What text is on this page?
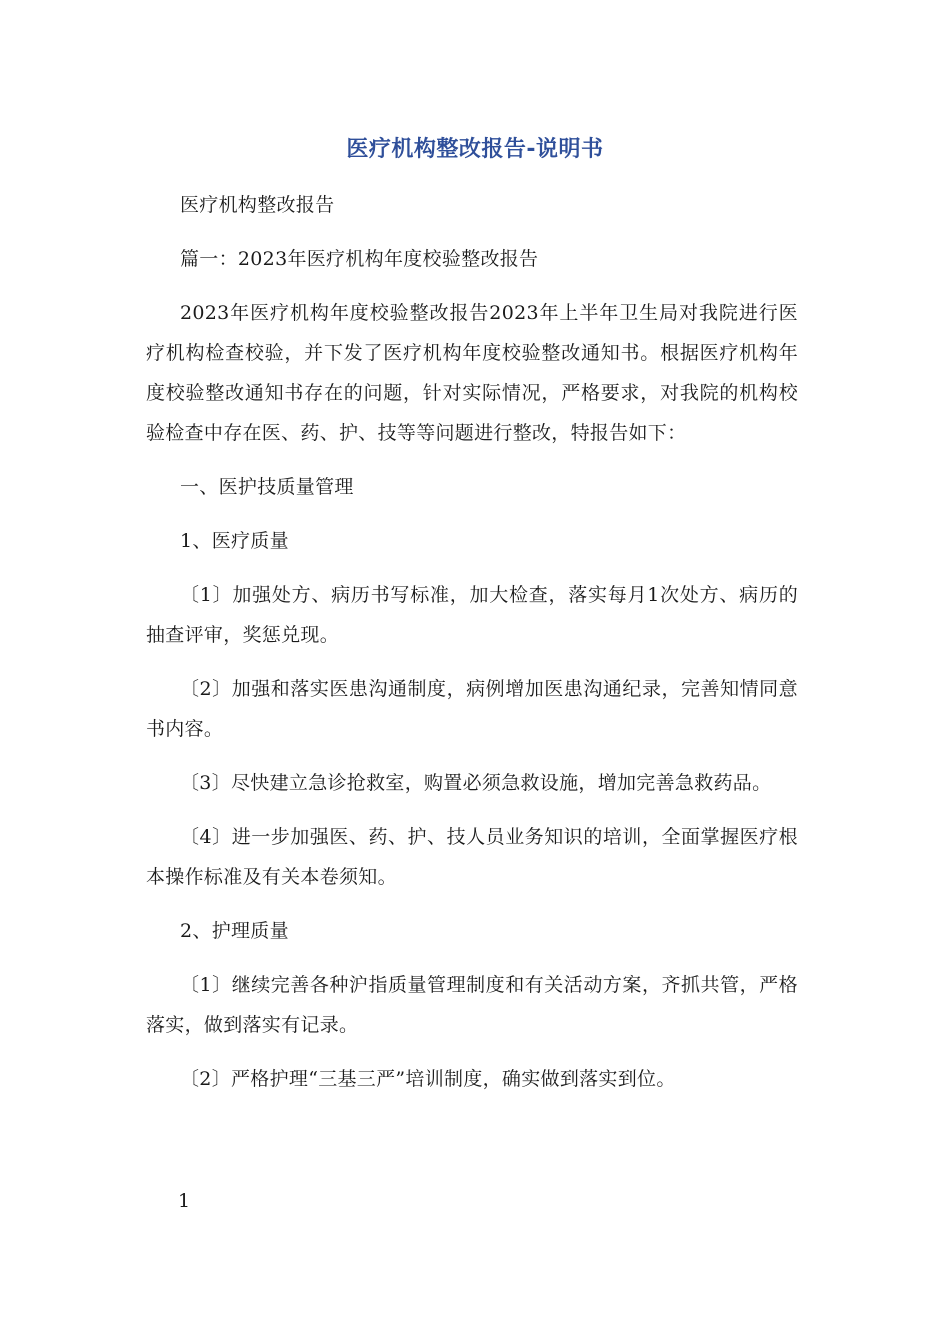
医疗机构整改报告-说明书

医疗机构整改报告

篇一：2023年医疗机构年度校验整改报告

2023年医疗机构年度校验整改报告2023年上半年卫生局对我院进行医疗机构检查校验，并下发了医疗机构年度校验整改通知书。根据医疗机构年度校验整改通知书存在的问题，针对实际情况，严格要求，对我院的机构校验检查中存在医、药、护、技等等问题进行整改，特报告如下：

一、医护技质量管理

1、医疗质量

〔1〕加强处方、病历书写标准，加大检查，落实每月1次处方、病历的抽查评审，奖惩兑现。

〔2〕加强和落实医患沟通制度，病例增加医患沟通纪录，完善知情同意书内容。

〔3〕尽快建立急诊抢救室，购置必须急救设施，增加完善急救药品。

〔4〕进一步加强医、药、护、技人员业务知识的培训，全面掌握医疗根本操作标准及有关本卷须知。

2、护理质量

〔1〕继续完善各种沪指质量管理制度和有关活动方案，齐抓共管，严格落实，做到落实有记录。

〔2〕严格护理“三基三严”培训制度，确实做到落实到位。

1
